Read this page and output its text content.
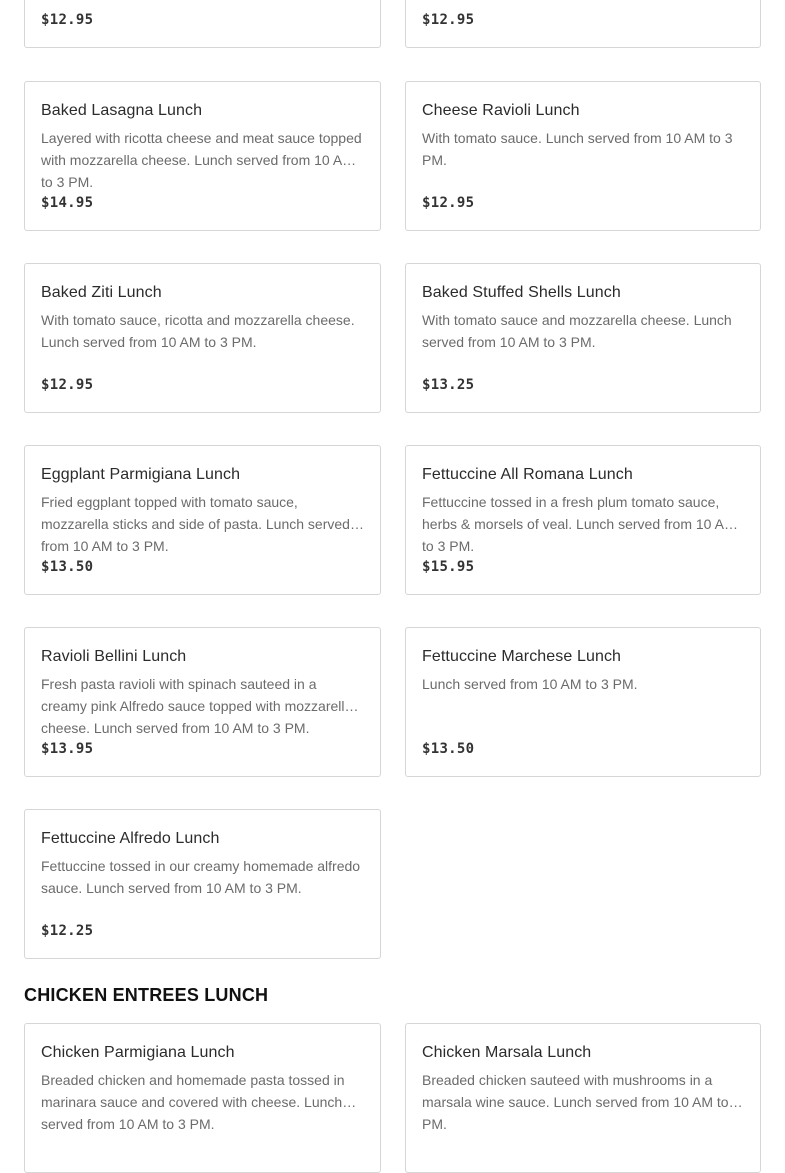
$12.95	$12.95
Baked Lasagna Lunch
Layered with ricotta cheese and meat sauce topped with mozzarella cheese. Lunch served from 10 AM to 3 PM.
$14.95
Cheese Ravioli Lunch
With tomato sauce. Lunch served from 10 AM to 3 PM.
$12.95
Baked Ziti Lunch
With tomato sauce, ricotta and mozzarella cheese. Lunch served from 10 AM to 3 PM.
$12.95
Baked Stuffed Shells Lunch
With tomato sauce and mozzarella cheese. Lunch served from 10 AM to 3 PM.
$13.25
Eggplant Parmigiana Lunch
Fried eggplant topped with tomato sauce, mozzarella sticks and side of pasta. Lunch served from 10 AM to 3 PM.
$13.50
Fettuccine All Romana Lunch
Fettuccine tossed in a fresh plum tomato sauce, herbs & morsels of veal. Lunch served from 10 AM to 3 PM.
$15.95
Ravioli Bellini Lunch
Fresh pasta ravioli with spinach sauteed in a creamy pink Alfredo sauce topped with mozzarella cheese. Lunch served from 10 AM to 3 PM.
$13.95
Fettuccine Marchese Lunch
Lunch served from 10 AM to 3 PM.
$13.50
Fettuccine Alfredo Lunch
Fettuccine tossed in our creamy homemade alfredo sauce. Lunch served from 10 AM to 3 PM.
$12.25
CHICKEN ENTREES LUNCH
Chicken Parmigiana Lunch
Breaded chicken and homemade pasta tossed in marinara sauce and covered with cheese. Lunch served from 10 AM to 3 PM.
Chicken Marsala Lunch
Breaded chicken sauteed with mushrooms in a marsala wine sauce. Lunch served from 10 AM to 3 PM.
